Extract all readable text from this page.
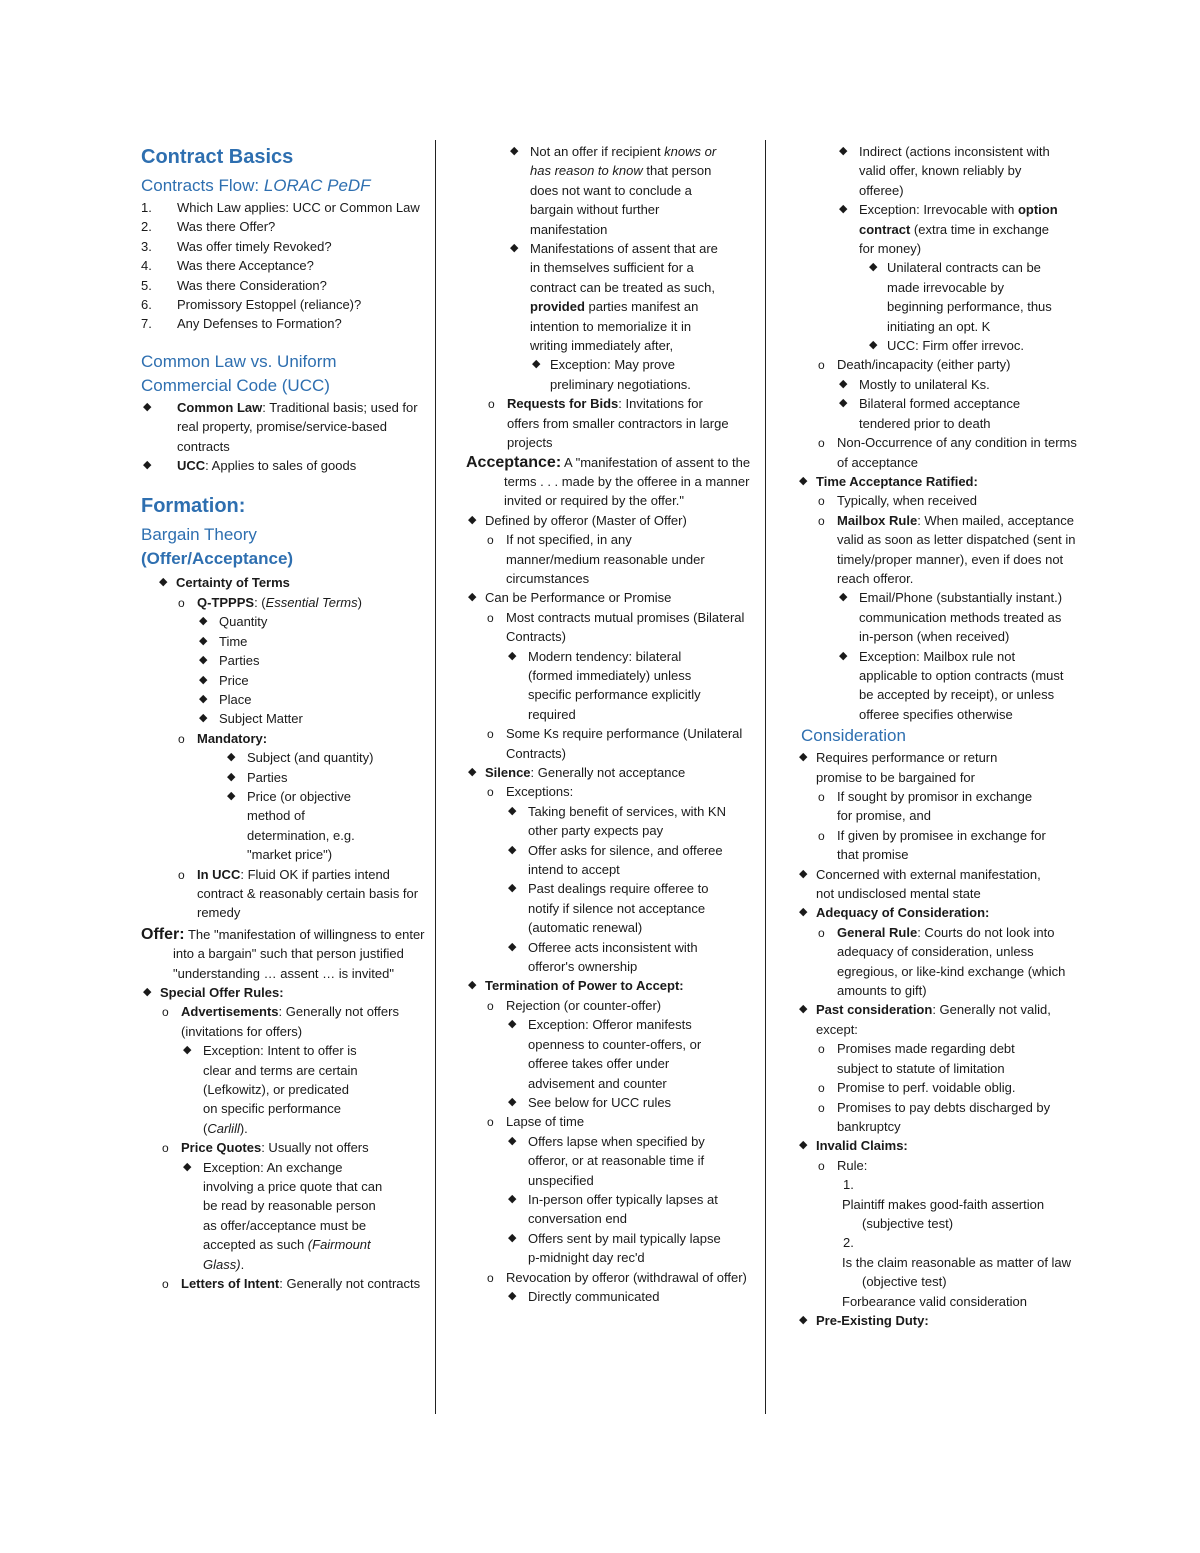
Contract Basics
Contracts Flow: LORAC PeDF
1. Which Law applies: UCC or Common Law
2. Was there Offer?
3. Was offer timely Revoked?
4. Was there Acceptance?
5. Was there Consideration?
6. Promissory Estoppel (reliance)?
7. Any Defenses to Formation?
Common Law vs. Uniform Commercial Code (UCC)
◆ Common Law: Traditional basis; used for real property, promise/service-based contracts
◆ UCC: Applies to sales of goods
Formation:
Bargain Theory
(Offer/Acceptance)
◆ Certainty of Terms
o Q-TPPPS: (Essential Terms)
◆ Quantity
◆ Time
◆ Parties
◆ Price
◆ Place
◆ Subject Matter
o Mandatory:
◆ Subject (and quantity)
◆ Parties
◆ Price (or objective method of determination, e.g. "market price")
o In UCC: Fluid OK if parties intend contract & reasonably certain basis for remedy
Offer: The "manifestation of willingness to enter into a bargain" such that person justified "understanding … assent … is invited"
◆ Special Offer Rules:
o Advertisements: Generally not offers (invitations for offers)
◆ Exception: Intent to offer is clear and terms are certain (Lefkowitz), or predicated on specific performance (Carlill).
o Price Quotes: Usually not offers
◆ Exception: An exchange involving a price quote that can be read by reasonable person as offer/acceptance must be accepted as such (Fairmount Glass).
o Letters of Intent: Generally not contracts
◆ Not an offer if recipient knows or has reason to know that person does not want to conclude a bargain without further manifestation
◆ Manifestations of assent that are in themselves sufficient for a contract can be treated as such, provided parties manifest an intention to memorialize it in writing immediately after,
◆ Exception: May prove preliminary negotiations.
o Requests for Bids: Invitations for offers from smaller contractors in large projects
Acceptance: A "manifestation of assent to the terms . . . made by the offeree in a manner invited or required by the offer."
◆ Defined by offeror (Master of Offer)
o If not specified, in any manner/medium reasonable under circumstances
◆ Can be Performance or Promise
o Most contracts mutual promises (Bilateral Contracts)
◆ Modern tendency: bilateral (formed immediately) unless specific performance explicitly required
o Some Ks require performance (Unilateral Contracts)
◆ Silence: Generally not acceptance
o Exceptions:
◆ Taking benefit of services, with KN other party expects pay
◆ Offer asks for silence, and offeree intend to accept
◆ Past dealings require offeree to notify if silence not acceptance (automatic renewal)
◆ Offeree acts inconsistent with offeror's ownership
◆ Termination of Power to Accept:
o Rejection (or counter-offer)
◆ Exception: Offeror manifests openness to counter-offers, or offeree takes offer under advisement and counter
◆ See below for UCC rules
o Lapse of time
◆ Offers lapse when specified by offeror, or at reasonable time if unspecified
◆ In-person offer typically lapses at conversation end
◆ Offers sent by mail typically lapse p-midnight day rec'd
o Revocation by offeror (withdrawal of offer)
◆ Directly communicated
◆ Indirect (actions inconsistent with valid offer, known reliably by offeree)
◆ Exception: Irrevocable with option contract (extra time in exchange for money)
◆ Unilateral contracts can be made irrevocable by beginning performance, thus initiating an opt. K
◆ UCC: Firm offer irrevoc.
o Death/incapacity (either party)
◆ Mostly to unilateral Ks.
◆ Bilateral formed acceptance tendered prior to death
o Non-Occurrence of any condition in terms of acceptance
◆ Time Acceptance Ratified:
o Typically, when received
o Mailbox Rule: When mailed, acceptance valid as soon as letter dispatched (sent in timely/proper manner), even if does not reach offeror.
◆ Email/Phone (substantially instant.) communication methods treated as in-person (when received)
◆ Exception: Mailbox rule not applicable to option contracts (must be accepted by receipt), or unless offeree specifies otherwise
Consideration
◆ Requires performance or return promise to be bargained for
o If sought by promisor in exchange for promise, and
o If given by promisee in exchange for that promise
◆ Concerned with external manifestation, not undisclosed mental state
◆ Adequacy of Consideration:
o General Rule: Courts do not look into adequacy of consideration, unless egregious, or like-kind exchange (which amounts to gift)
◆ Past consideration: Generally not valid, except:
o Promises made regarding debt subject to statute of limitation
o Promise to perf. voidable oblig.
o Promises to pay debts discharged by bankruptcy
◆ Invalid Claims:
o Rule:
1.
Plaintiff makes good-faith assertion (subjective test)
2.
Is the claim reasonable as matter of law (objective test)
Forbearance valid consideration
◆ Pre-Existing Duty:
